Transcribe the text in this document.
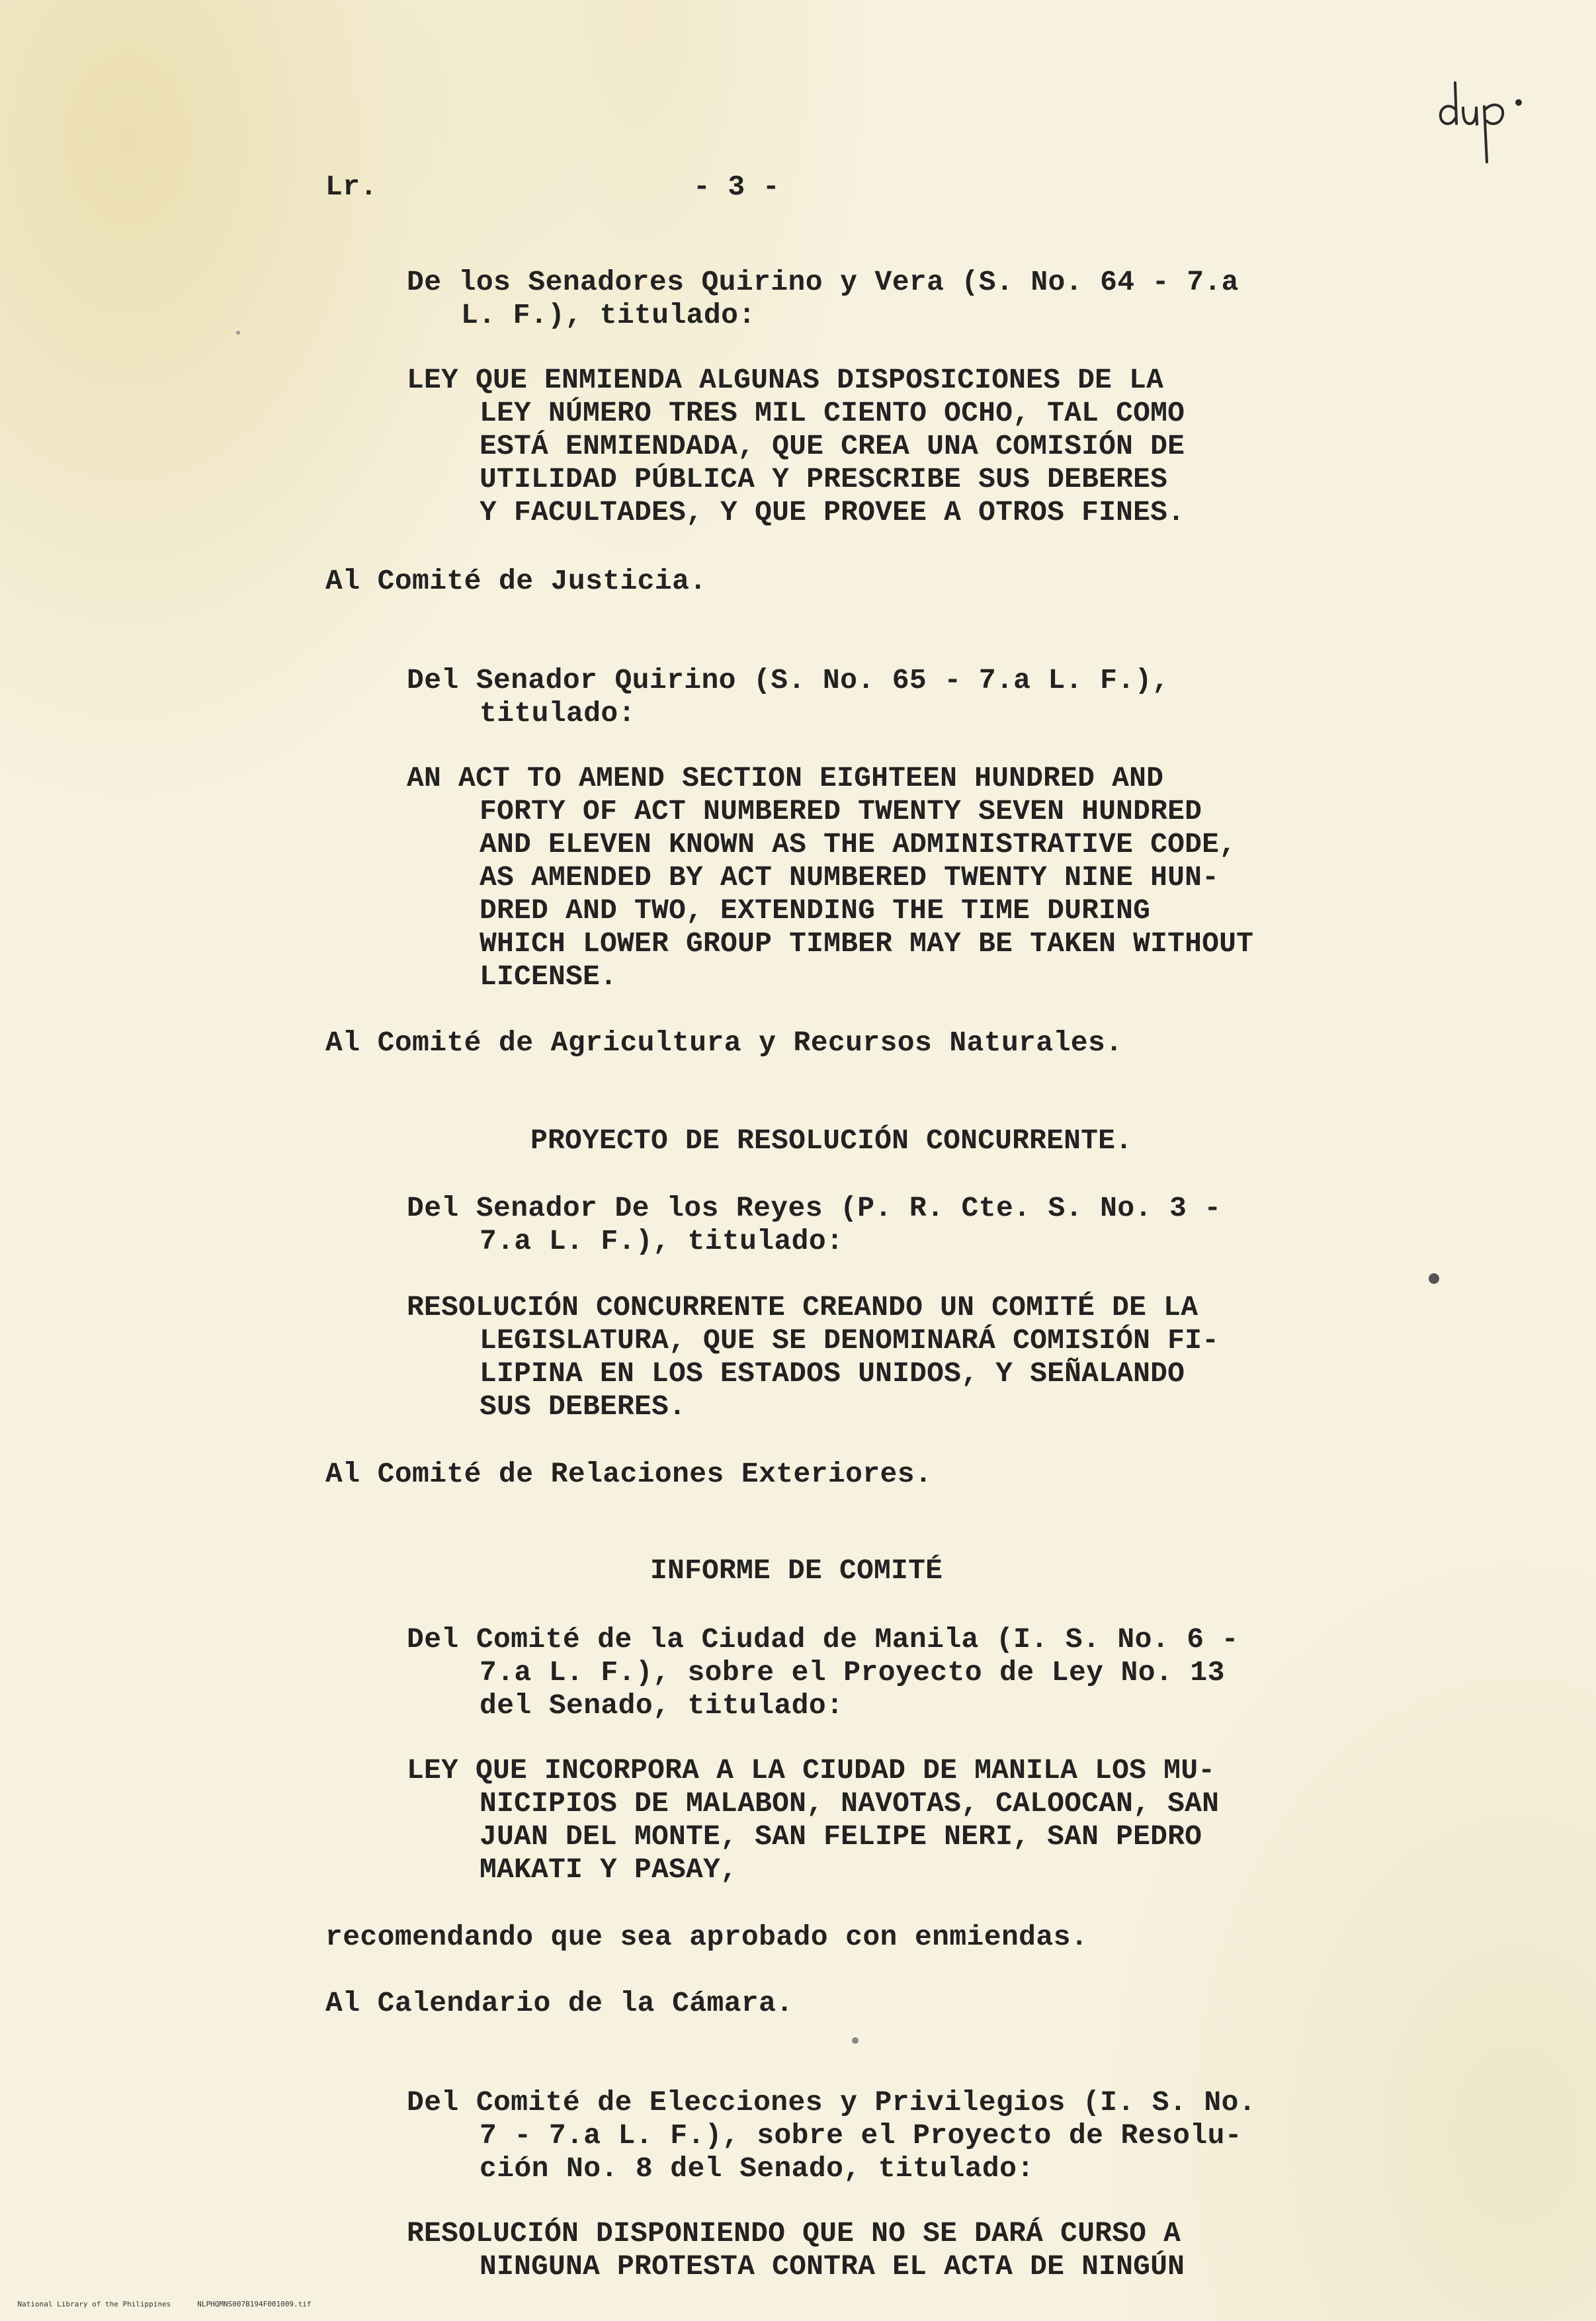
Lr.	- 3 -

De los Senadores Quirino y Vera (S. No. 64 - 7.a

L. F.), titulado:

LEY QUE ENMIENDA ALGUNAS DISPOSICIONES DE LA

LEY NÚMERO TRES MIL CIENTO OCHO, TAL COMO

ESTÁ ENMIENDADA, QUE CREA UNA COMISIÓN DE

UTILIDAD PÚBLICA Y PRESCRIBE SUS DEBERES

Y FACULTADES, Y QUE PROVEE A OTROS FINES.

Al Comité de Justicia.

Del Senador Quirino (S. No. 65 - 7.a L. F.),

titulado:

AN ACT TO AMEND SECTION EIGHTEEN HUNDRED AND

FORTY OF ACT NUMBERED TWENTY SEVEN HUNDRED

AND ELEVEN KNOWN AS THE ADMINISTRATIVE CODE,

AS AMENDED BY ACT NUMBERED TWENTY NINE HUN-

DRED AND TWO, EXTENDING THE TIME DURING

WHICH LOWER GROUP TIMBER MAY BE TAKEN WITHOUT

LICENSE.

Al Comité de Agricultura y Recursos Naturales.

PROYECTO DE RESOLUCIÓN CONCURRENTE.

Del Senador De los Reyes (P. R. Cte. S. No. 3 -

7.a L. F.), titulado:

RESOLUCIÓN CONCURRENTE CREANDO UN COMITÉ DE LA

LEGISLATURA, QUE SE DENOMINARÁ COMISIÓN FI-

LIPINA EN LOS ESTADOS UNIDOS, Y SEÑALANDO

SUS DEBERES.

Al Comité de Relaciones Exteriores.

INFORME DE COMITÉ

Del Comité de la Ciudad de Manila (I. S. No. 6 -

7.a L. F.), sobre el Proyecto de Ley No. 13

del Senado, titulado:

LEY QUE INCORPORA A LA CIUDAD DE MANILA LOS MU-

NICIPIOS DE MALABON, NAVOTAS, CALOOCAN, SAN

JUAN DEL MONTE, SAN FELIPE NERI, SAN PEDRO

MAKATI Y PASAY,

recomendando que sea aprobado con enmiendas.

Al Calendario de la Cámara.

Del Comité de Elecciones y Privilegios (I. S. No.

7 - 7.a L. F.), sobre el Proyecto de Resolu-

ción No. 8 del Senado, titulado:

RESOLUCIÓN DISPONIENDO QUE NO SE DARÁ CURSO A

NINGUNA PROTESTA CONTRA EL ACTA DE NINGÚN

National Library of the Philippines	NLPHQMNS007B194F001009.tif
